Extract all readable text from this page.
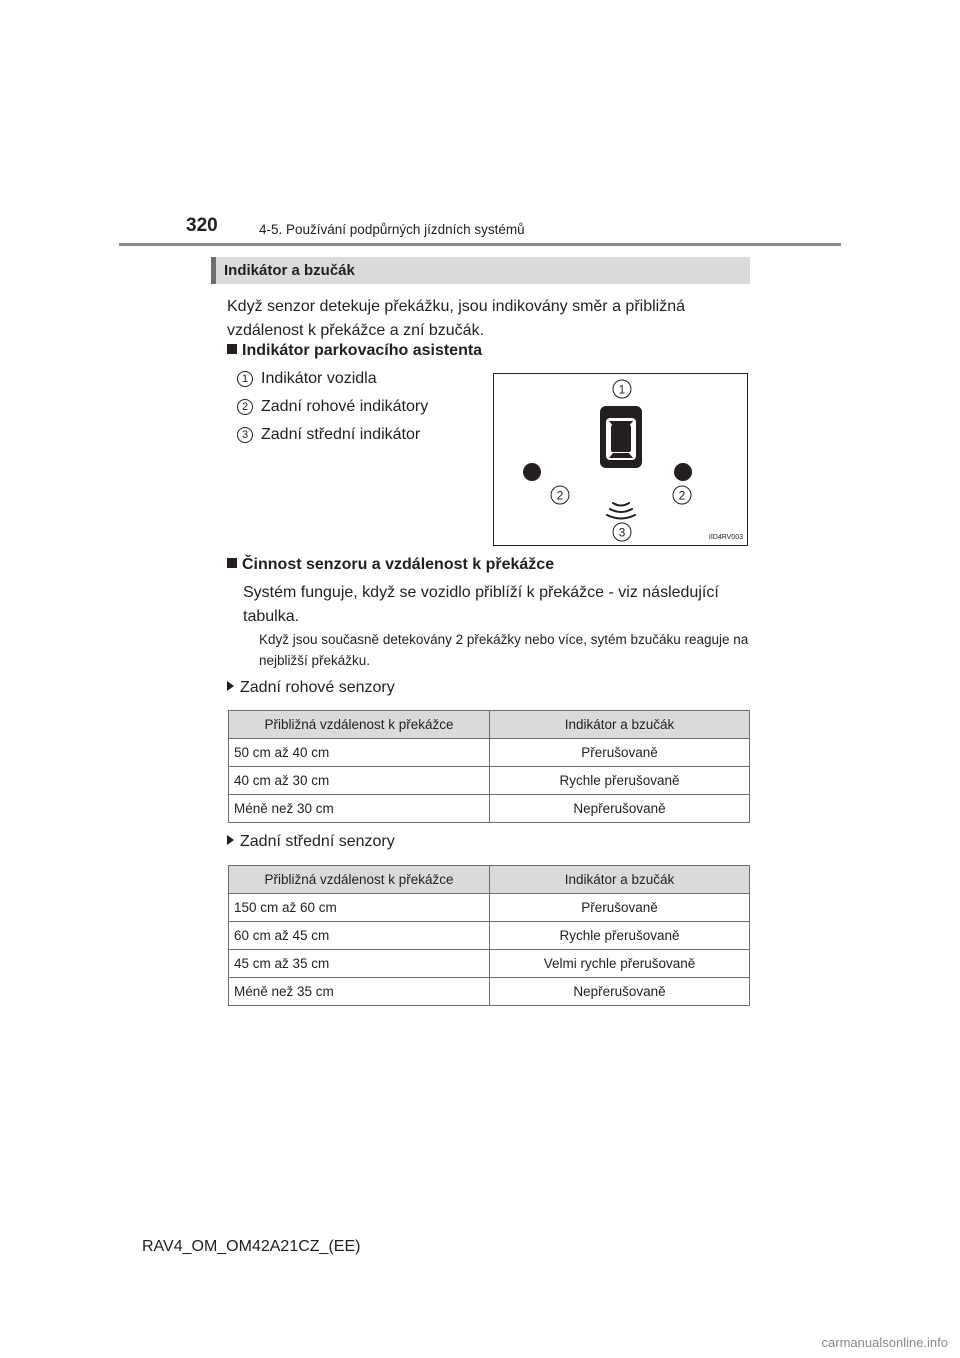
320	4-5. Používání podpůrných jízdních systémů
Indikátor a bzučák
Když senzor detekuje překážku, jsou indikovány směr a přibližná vzdálenost k překážce a zní bzučák.
Indikátor parkovacího asistenta
1 Indikátor vozidla
2 Zadní rohové indikátory
3 Zadní střední indikátor
1
2	2
3	IID4RV003
Činnost senzoru a vzdálenost k překážce
Systém funguje, když se vozidlo přiblíží k překážce - viz následující tabulka.
Když jsou současně detekovány 2 překážky nebo více, sytém bzučáku reaguje na nejbližší překážku.
Zadní rohové senzory
Přibližná vzdálenost k překážce	Indikátor a bzučák
50 cm až 40 cm	Přerušovaně
40 cm až 30 cm	Rychle přerušovaně
Méně než 30 cm	Nepřerušovaně
Zadní střední senzory
Přibližná vzdálenost k překážce	Indikátor a bzučák
150 cm až 60 cm	Přerušovaně
60 cm až 45 cm	Rychle přerušovaně
45 cm až 35 cm	Velmi rychle přerušovaně
Méně než 35 cm	Nepřerušovaně
RAV4_OM_OM42A21CZ_(EE)
carmanualsonline.info
